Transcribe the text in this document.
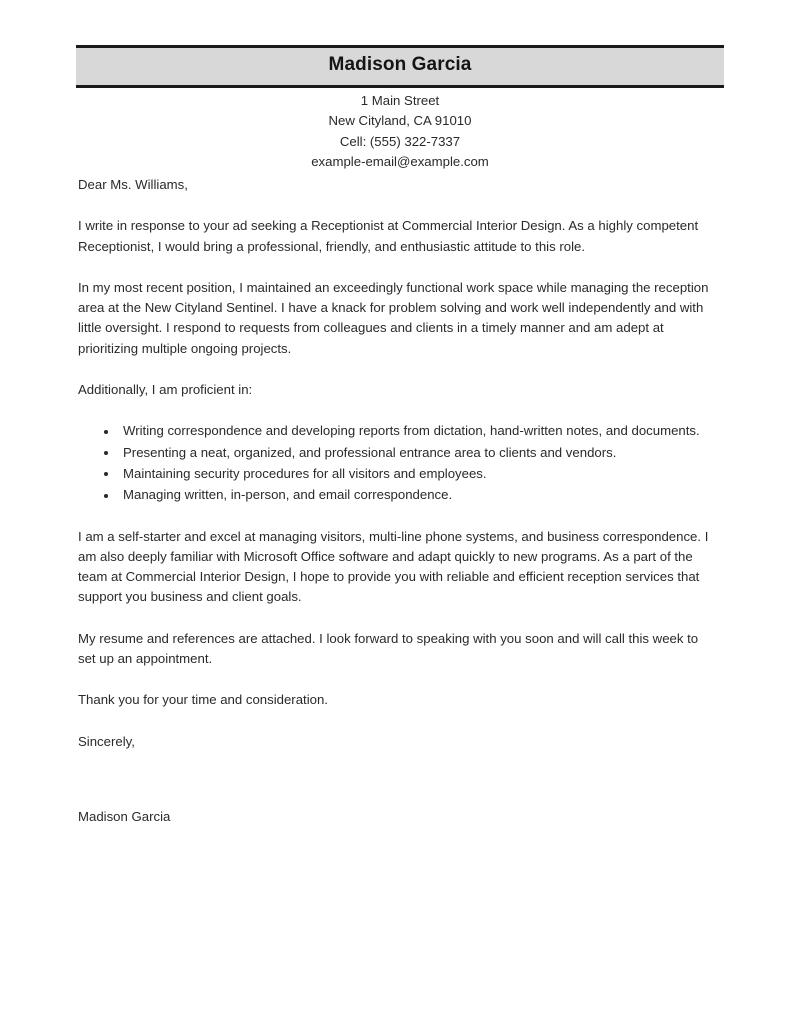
Madison Garcia
1 Main Street
New Cityland, CA 91010
Cell: (555) 322-7337
example-email@example.com

Dear Ms. Williams,

I write in response to your ad seeking a Receptionist at Commercial Interior Design. As a highly competent Receptionist, I would bring a professional, friendly, and enthusiastic attitude to this role.

In my most recent position, I maintained an exceedingly functional work space while managing the reception area at the New Cityland Sentinel. I have a knack for problem solving and work well independently and with little oversight. I respond to requests from colleagues and clients in a timely manner and am adept at prioritizing multiple ongoing projects.

Additionally, I am proficient in:

Writing correspondence and developing reports from dictation, hand-written notes, and documents.
Presenting a neat, organized, and professional entrance area to clients and vendors.
Maintaining security procedures for all visitors and employees.
Managing written, in-person, and email correspondence.

I am a self-starter and excel at managing visitors, multi-line phone systems, and business correspondence. I am also deeply familiar with Microsoft Office software and adapt quickly to new programs. As a part of the team at Commercial Interior Design, I hope to provide you with reliable and efficient reception services that support you business and client goals.

My resume and references are attached. I look forward to speaking with you soon and will call this week to set up an appointment.

Thank you for your time and consideration.

Sincerely,

Madison Garcia
